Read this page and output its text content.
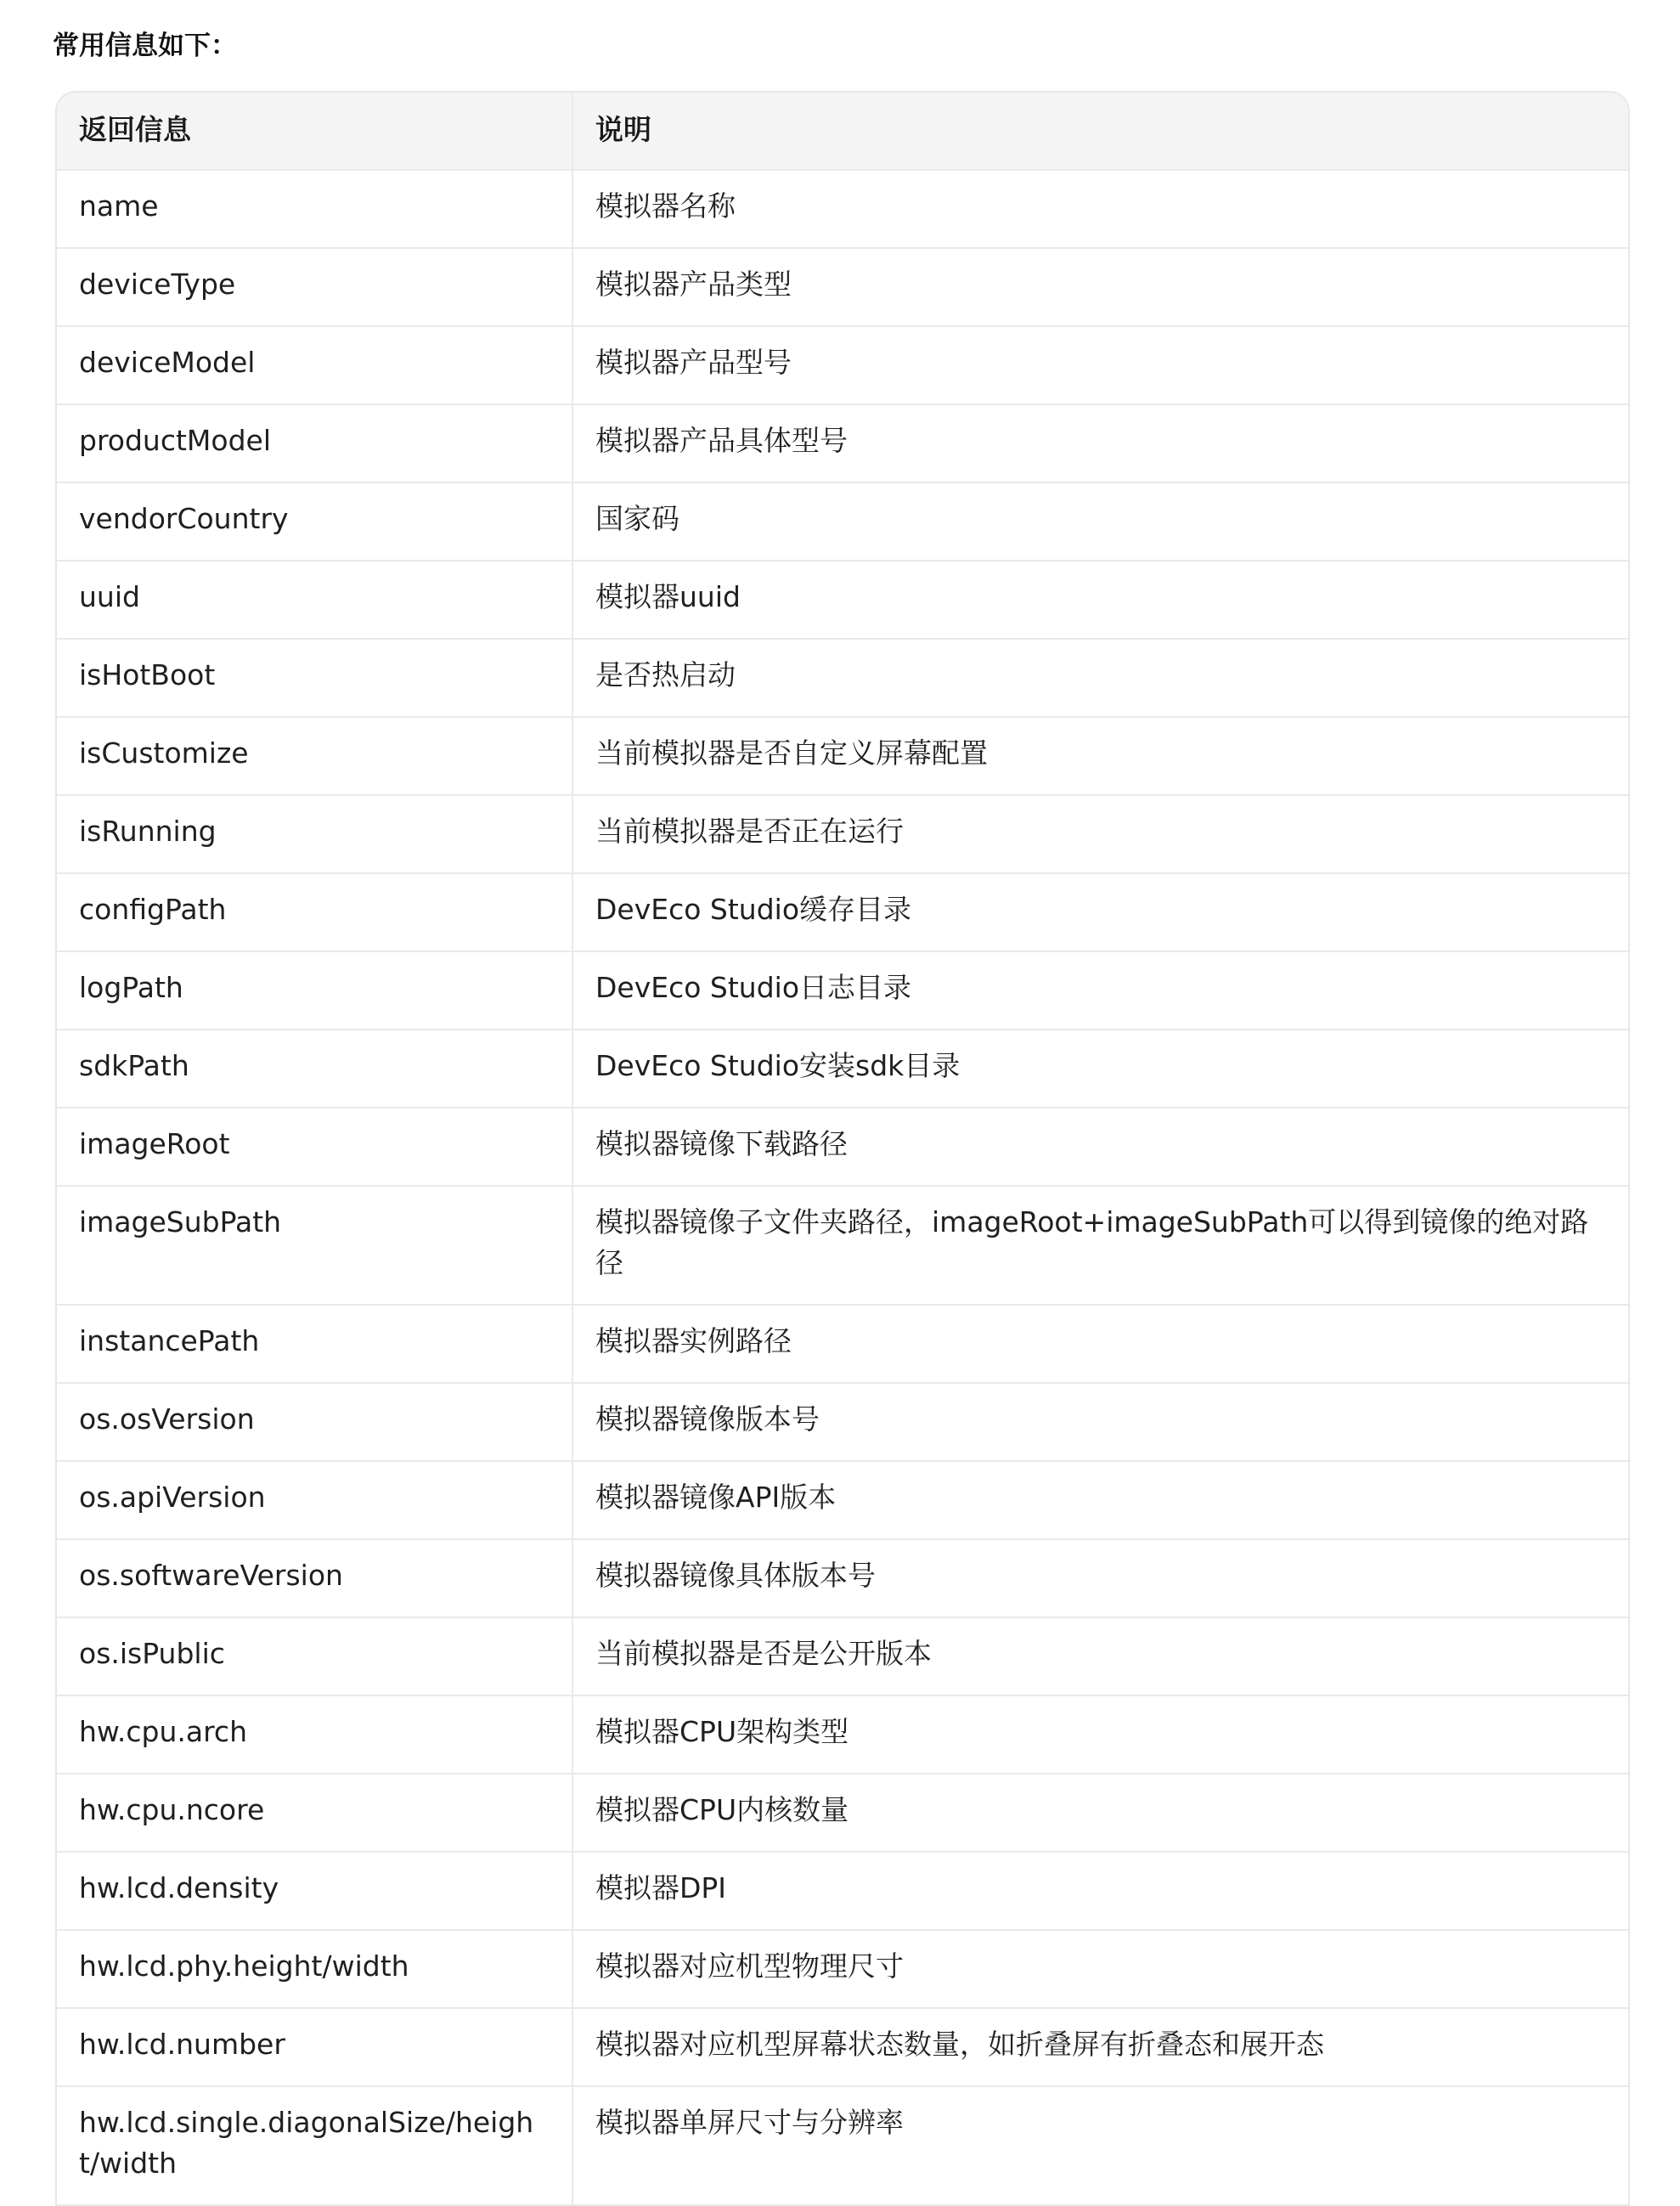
常用信息如下：
返回信息	说明
name	模拟器名称
deviceType	模拟器产品类型
deviceModel	模拟器产品型号
productModel	模拟器产品具体型号
vendorCountry	国家码
uuid	模拟器uuid
isHotBoot	是否热启动
isCustomize	当前模拟器是否自定义屏幕配置
isRunning	当前模拟器是否正在运行
configPath	DevEco Studio缓存目录
logPath	DevEco Studio日志目录
sdkPath	DevEco Studio安装sdk目录
imageRoot	模拟器镜像下载路径
imageSubPath	模拟器镜像子文件夹路径，imageRoot+imageSubPath可以得到镜像的绝对路径
instancePath	模拟器实例路径
os.osVersion	模拟器镜像版本号
os.apiVersion	模拟器镜像API版本
os.softwareVersion	模拟器镜像具体版本号
os.isPublic	当前模拟器是否是公开版本
hw.cpu.arch	模拟器CPU架构类型
hw.cpu.ncore	模拟器CPU内核数量
hw.lcd.density	模拟器DPI
hw.lcd.phy.height/width	模拟器对应机型物理尺寸
hw.lcd.number	模拟器对应机型屏幕状态数量，如折叠屏有折叠态和展开态
hw.lcd.single.diagonalSize/height/width	模拟器单屏尺寸与分辨率
